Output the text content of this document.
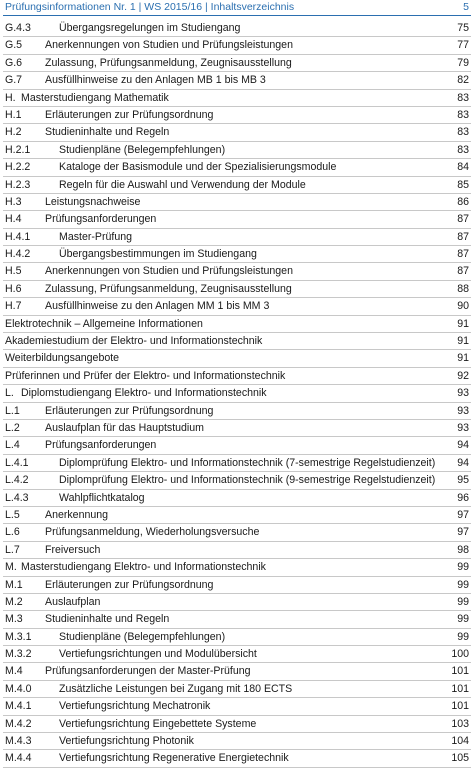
Prüfungsinformationen Nr. 1 | WS 2015/16 | Inhaltsverzeichnis	5
G.4.3	Übergangsregelungen im Studiengang	75
G.5 Anerkennungen von Studien und Prüfungsleistungen	77
G.6 Zulassung, Prüfungsanmeldung, Zeugnisausstellung	79
G.7 Ausfüllhinweise zu den Anlagen MB 1 bis MB 3	82
H. Masterstudiengang Mathematik	83
H.1 Erläuterungen zur Prüfungsordnung	83
H.2 Studieninhalte und Regeln	83
H.2.1	Studienpläne (Belegempfehlungen)	83
H.2.2	Kataloge der Basismodule und der Spezialisierungsmodule	84
H.2.3	Regeln für die Auswahl und Verwendung der Module	85
H.3 Leistungsnachweise	86
H.4 Prüfungsanforderungen	87
H.4.1	Master-Prüfung	87
H.4.2	Übergangsbestimmungen im Studiengang	87
H.5 Anerkennungen von Studien und Prüfungsleistungen	87
H.6 Zulassung, Prüfungsanmeldung, Zeugnisausstellung	88
H.7 Ausfüllhinweise zu den Anlagen MM 1 bis MM 3	90
Elektrotechnik – Allgemeine Informationen	91
Akademiestudium der Elektro- und Informationstechnik	91
Weiterbildungsangebote	91
Prüferinnen und Prüfer der Elektro- und Informationstechnik	92
L. Diplomstudiengang Elektro- und Informationstechnik	93
L.1 Erläuterungen zur Prüfungsordnung	93
L.2 Auslaufplan für das Hauptstudium	93
L.4 Prüfungsanforderungen	94
L.4.1	Diplomprüfung Elektro- und Informationstechnik (7-semestrige Regelstudienzeit) 94
L.4.2	Diplomprüfung Elektro- und Informationstechnik (9-semestrige Regelstudienzeit) 95
L.4.3	Wahlpflichtkatalog	96
L.5 Anerkennung	97
L.6 Prüfungsanmeldung, Wiederholungsversuche	97
L.7 Freiversuch	98
M. Masterstudiengang Elektro- und Informationstechnik	99
M.1 Erläuterungen zur Prüfungsordnung	99
M.2 Auslaufplan	99
M.3 Studieninhalte und Regeln	99
M.3.1	Studienpläne (Belegempfehlungen)	99
M.3.2	Vertiefungsrichtungen und Modulübersicht	100
M.4 Prüfungsanforderungen der Master-Prüfung	101
M.4.0	Zusätzliche Leistungen bei Zugang mit 180 ECTS	101
M.4.1	Vertiefungsrichtung Mechatronik	101
M.4.2	Vertiefungsrichtung Eingebettete Systeme	103
M.4.3	Vertiefungsrichtung Photonik	104
M.4.4	Vertiefungsrichtung Regenerative Energietechnik	105
